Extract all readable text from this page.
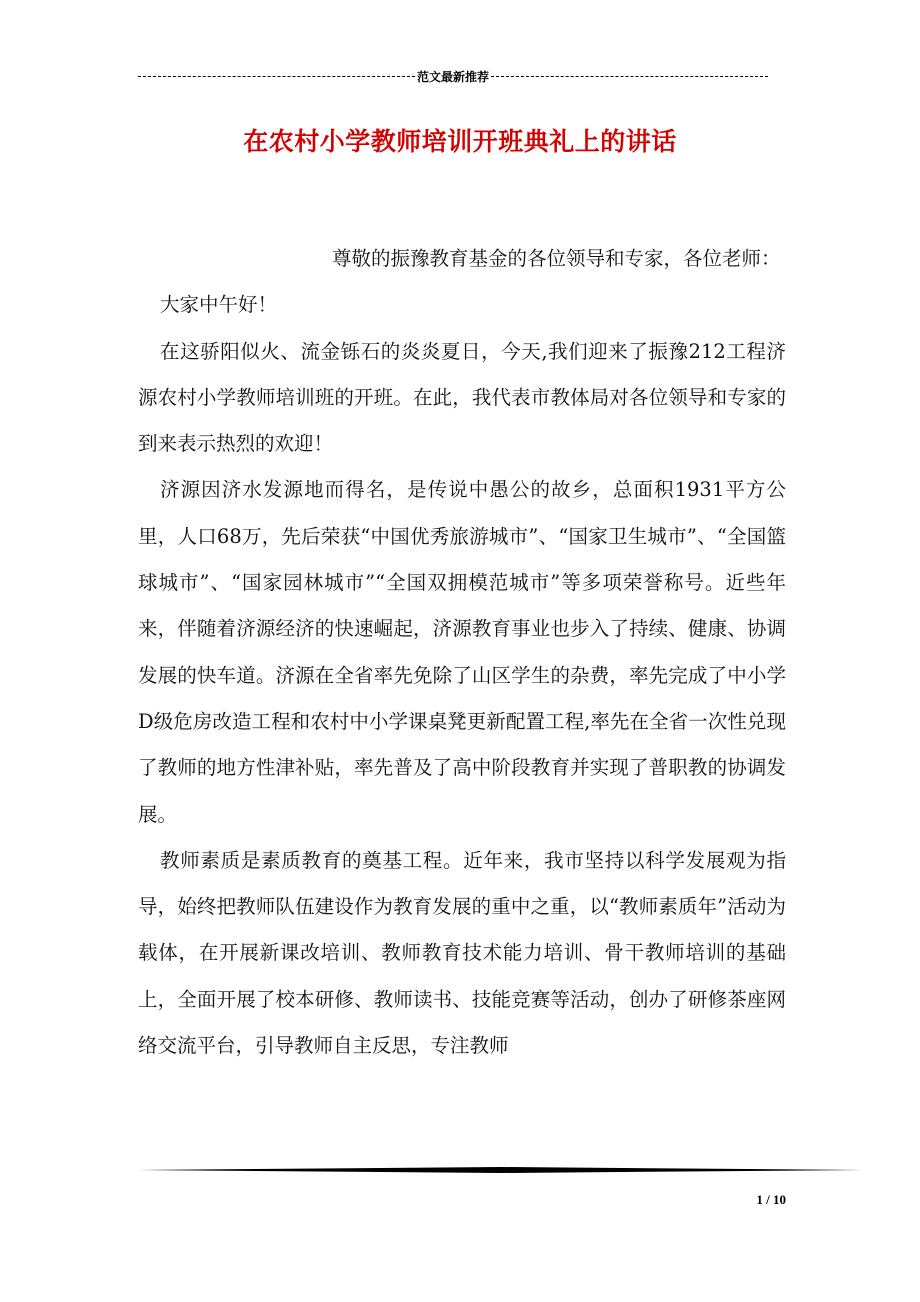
范文最新推荐
在农村小学教师培训开班典礼上的讲话

尊敬的振豫教育基金的各位领导和专家，各位老师：

大家中午好！

在这骄阳似火、流金铄石的炎炎夏日，今天,我们迎来了振豫212工程济源农村小学教师培训班的开班。在此，我代表市教体局对各位领导和专家的到来表示热烈的欢迎！

济源因济水发源地而得名，是传说中愚公的故乡，总面积1931平方公里，人口68万，先后荣获“中国优秀旅游城市”、“国家卫生城市”、“全国篮球城市”、“国家园林城市”“全国双拥模范城市”等多项荣誉称号。近些年来，伴随着济源经济的快速崛起，济源教育事业也步入了持续、健康、协调发展的快车道。济源在全省率先免除了山区学生的杂费，率先完成了中小学D级危房改造工程和农村中小学课桌凳更新配置工程,率先在全省一次性兑现了教师的地方性津补贴，率先普及了高中阶段教育并实现了普职教的协调发展。

教师素质是素质教育的奠基工程。近年来，我市坚持以科学发展观为指导，始终把教师队伍建设作为教育发展的重中之重，以“教师素质年”活动为载体，在开展新课改培训、教师教育技术能力培训、骨干教师培训的基础上，全面开展了校本研修、教师读书、技能竞赛等活动，创办了研修茶座网络交流平台，引导教师自主反思，专注教师

1 / 10
